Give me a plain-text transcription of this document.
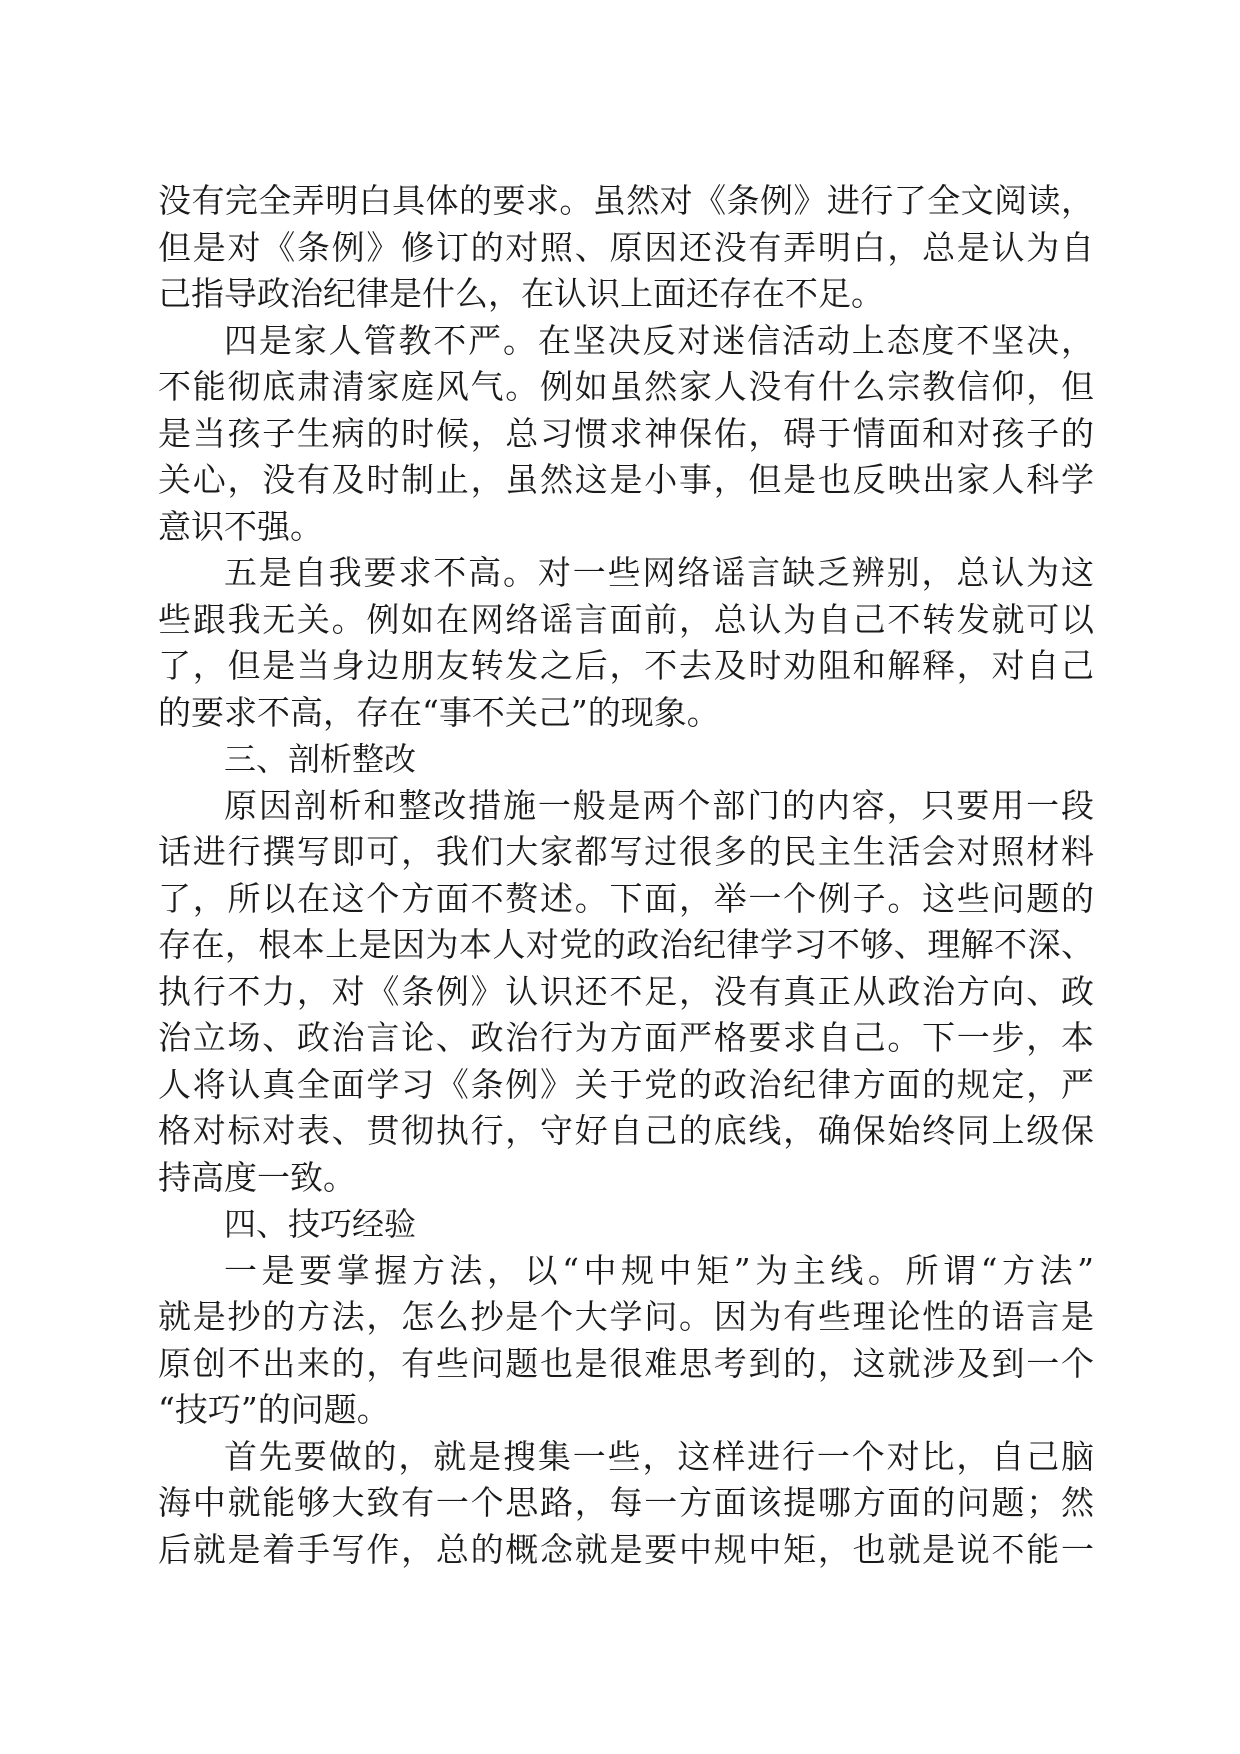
没有完全弄明白具体的要求。虽然对《条例》进行了全文阅读，
但是对《条例》修订的对照、原因还没有弄明白，总是认为自
己指导政治纪律是什么，在认识上面还存在不足。
四是家人管教不严。在坚决反对迷信活动上态度不坚决，
不能彻底肃清家庭风气。例如虽然家人没有什么宗教信仰，但
是当孩子生病的时候，总习惯求神保佑，碍于情面和对孩子的
关心，没有及时制止，虽然这是小事，但是也反映出家人科学
意识不强。
五是自我要求不高。对一些网络谣言缺乏辨别，总认为这
些跟我无关。例如在网络谣言面前，总认为自己不转发就可以
了，但是当身边朋友转发之后，不去及时劝阻和解释，对自己
的要求不高，存在“事不关己”的现象。
三、剖析整改
原因剖析和整改措施一般是两个部门的内容，只要用一段
话进行撰写即可，我们大家都写过很多的民主生活会对照材料
了，所以在这个方面不赘述。下面，举一个例子。这些问题的
存在，根本上是因为本人对党的政治纪律学习不够、理解不深、
执行不力，对《条例》认识还不足，没有真正从政治方向、政
治立场、政治言论、政治行为方面严格要求自己。下一步，本
人将认真全面学习《条例》关于党的政治纪律方面的规定，严
格对标对表、贯彻执行，守好自己的底线，确保始终同上级保
持高度一致。
四、技巧经验
一是要掌握方法，以“中规中矩”为主线。所谓“方法”
就是抄的方法，怎么抄是个大学问。因为有些理论性的语言是
原创不出来的，有些问题也是很难思考到的，这就涉及到一个
“技巧”的问题。
首先要做的，就是搜集一些，这样进行一个对比，自己脑
海中就能够大致有一个思路，每一方面该提哪方面的问题；然
后就是着手写作，总的概念就是要中规中矩，也就是说不能一
